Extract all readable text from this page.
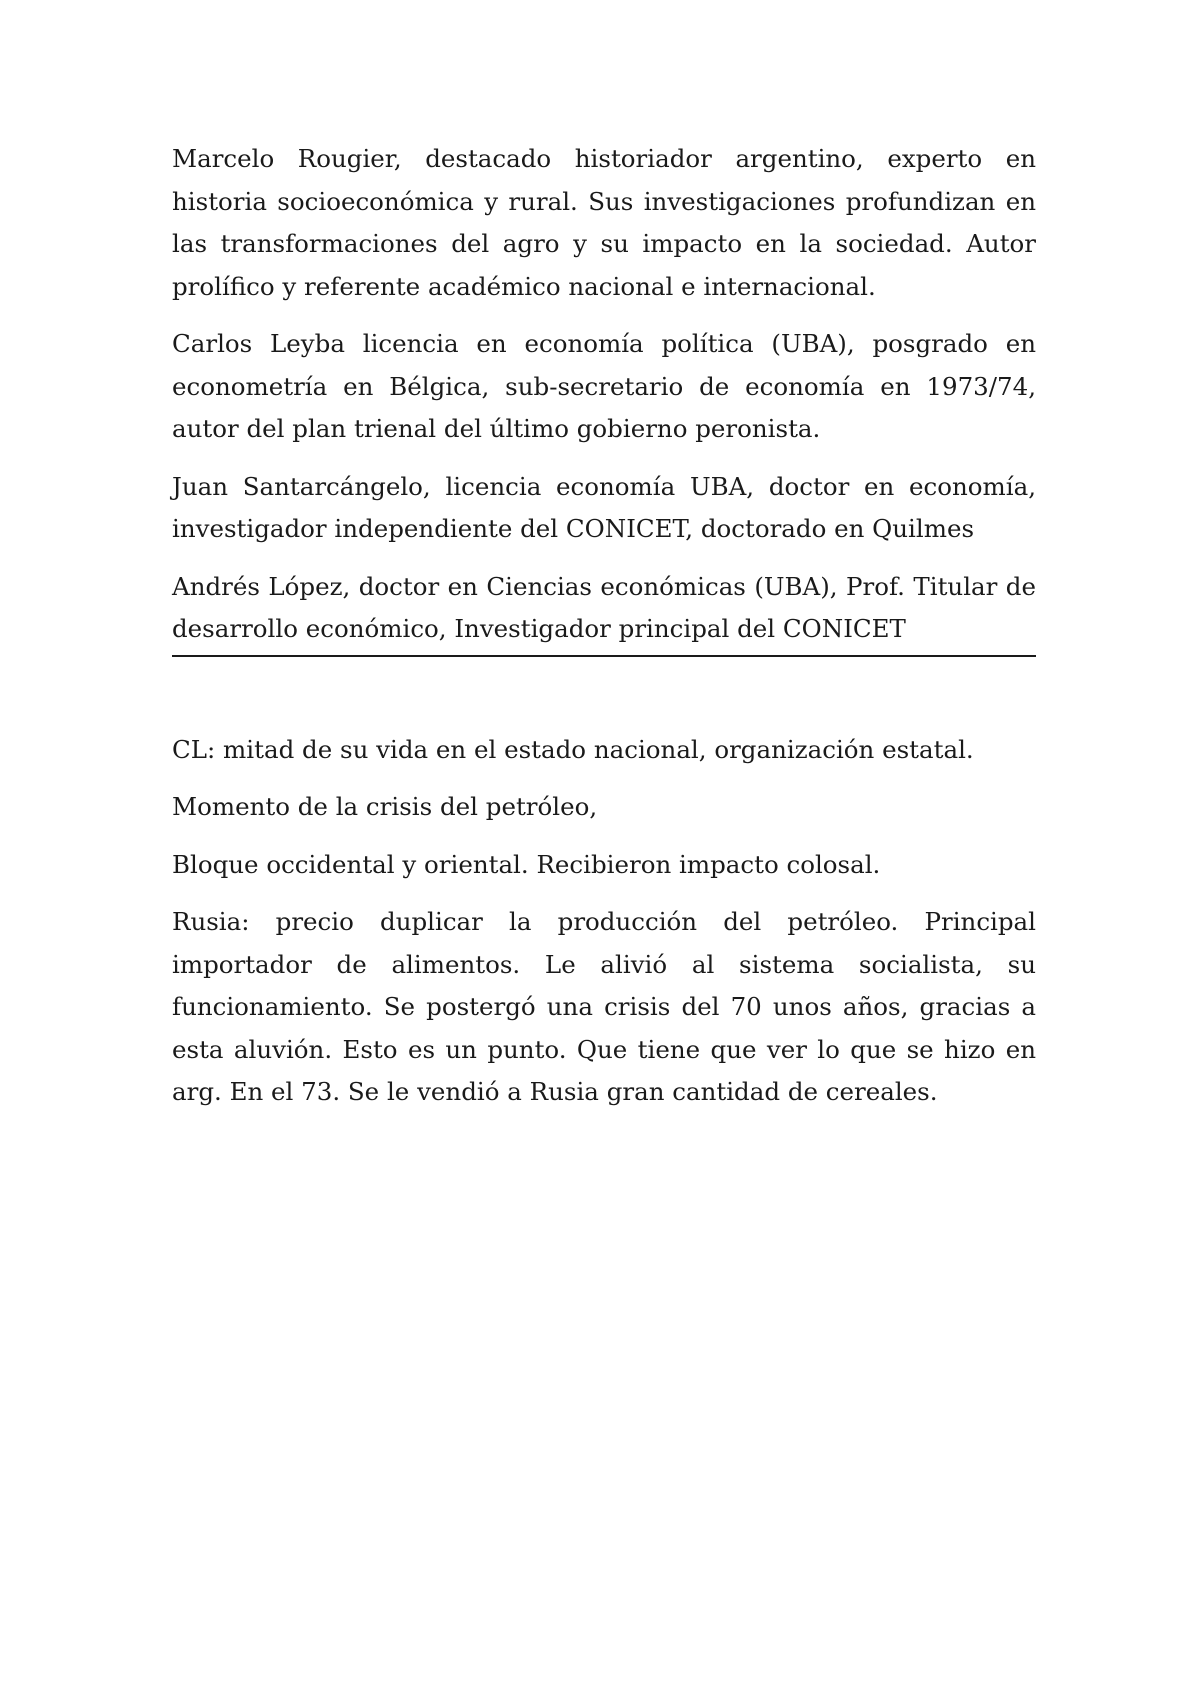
Marcelo Rougier, destacado historiador argentino, experto en historia socioeconómica y rural. Sus investigaciones profundizan en las transformaciones del agro y su impacto en la sociedad. Autor prolífico y referente académico nacional e internacional.

Carlos Leyba licencia en economía política (UBA), posgrado en econometría en Bélgica, sub-secretario de economía en 1973/74, autor del plan trienal del último gobierno peronista.

Juan Santarcángelo, licencia economía UBA, doctor en economía, investigador independiente del CONICET, doctorado en Quilmes

Andrés López, doctor en Ciencias económicas (UBA), Prof. Titular de desarrollo económico, Investigador principal del CONICET

CL: mitad de su vida en el estado nacional, organización estatal.

Momento de la crisis del petróleo,

Bloque occidental y oriental. Recibieron impacto colosal.

Rusia: precio duplicar la producción del petróleo. Principal importador de alimentos. Le alivió al sistema socialista, su funcionamiento. Se postergó una crisis del 70 unos años, gracias a esta aluvión. Esto es un punto. Que tiene que ver lo que se hizo en arg. En el 73. Se le vendió a Rusia gran cantidad de cereales.
